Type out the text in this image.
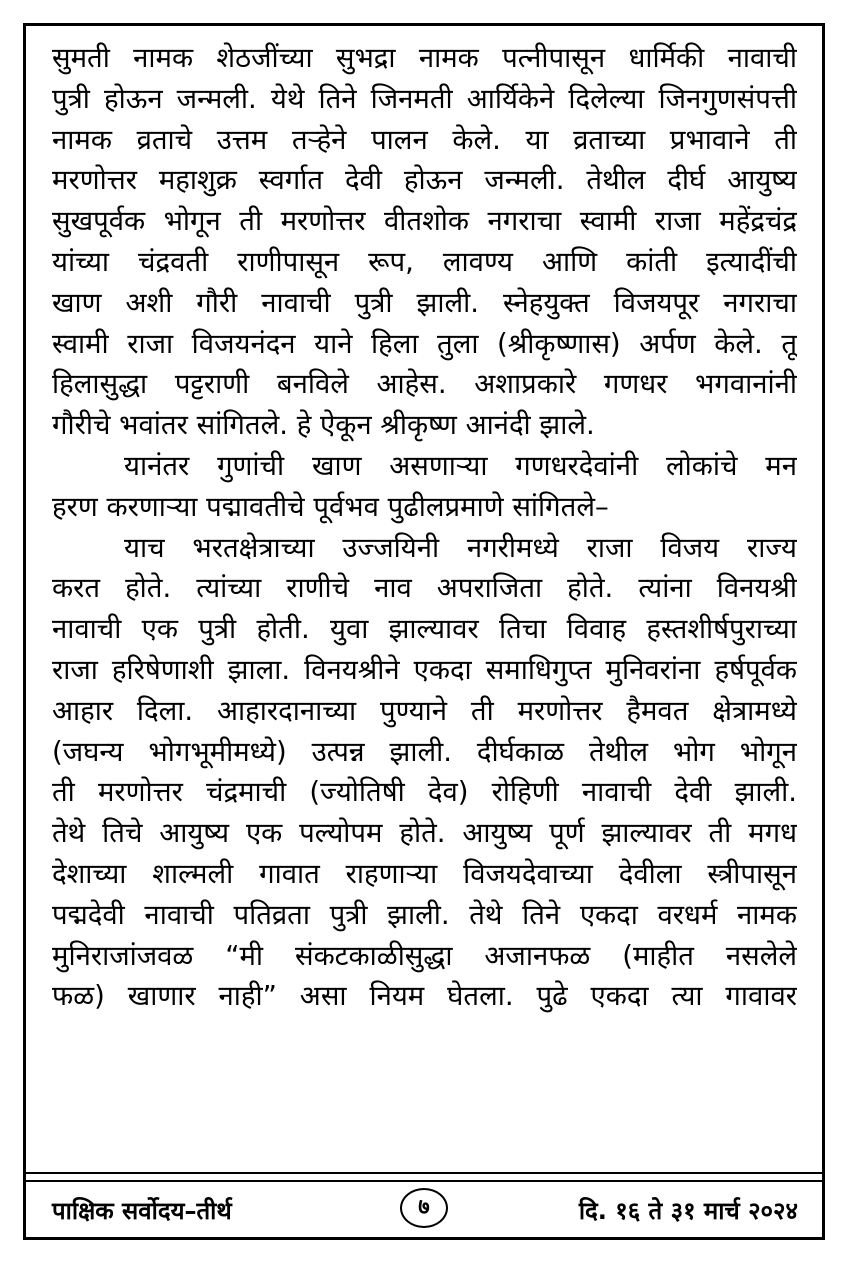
सुमती नामक शेठजींच्या सुभद्रा नामक पत्नीपासून धार्मिकी नावाची
पुत्री होऊन जन्मली. येथे तिने जिनमती आर्यिकेने दिलेल्या जिनगुणसंपत्ती
नामक व्रताचे उत्तम तऱ्हेने पालन केले. या व्रताच्या प्रभावाने ती
मरणोत्तर महाशुक्र स्वर्गात देवी होऊन जन्मली. तेथील दीर्घ आयुष्य
सुखपूर्वक भोगून ती मरणोत्तर वीतशोक नगराचा स्वामी राजा महेंद्रचंद्र
यांच्या चंद्रवती राणीपासून रूप, लावण्य आणि कांती इत्यादींची
खाण अशी गौरी नावाची पुत्री झाली. स्नेहयुक्त विजयपूर नगराचा
स्वामी राजा विजयनंदन याने हिला तुला (श्रीकृष्णास) अर्पण केले. तू
हिलासुद्धा पट्टराणी बनविले आहेस. अशाप्रकारे गणधर भगवानांनी
गौरीचे भवांतर सांगितले. हे ऐकून श्रीकृष्ण आनंदी झाले.
यानंतर गुणांची खाण असणाऱ्या गणधरदेवांनी लोकांचे मन
हरण करणाऱ्या पद्मावतीचे पूर्वभव पुढीलप्रमाणे सांगितले–
याच भरतक्षेत्राच्या उज्जयिनी नगरीमध्ये राजा विजय राज्य
करत होते. त्यांच्या राणीचे नाव अपराजिता होते. त्यांना विनयश्री
नावाची एक पुत्री होती. युवा झाल्यावर तिचा विवाह हस्तशीर्षपुराच्या
राजा हरिषेणाशी झाला. विनयश्रीने एकदा समाधिगुप्त मुनिवरांना हर्षपूर्वक
आहार दिला. आहारदानाच्या पुण्याने ती मरणोत्तर हैमवत क्षेत्रामध्ये
(जघन्य भोगभूमीमध्ये) उत्पन्न झाली. दीर्घकाळ तेथील भोग भोगून
ती मरणोत्तर चंद्रमाची (ज्योतिषी देव) रोहिणी नावाची देवी झाली.
तेथे तिचे आयुष्य एक पल्योपम होते. आयुष्य पूर्ण झाल्यावर ती मगध
देशाच्या शाल्मली गावात राहणाऱ्या विजयदेवाच्या देवीला स्त्रीपासून
पद्मदेवी नावाची पतिव्रता पुत्री झाली. तेथे तिने एकदा वरधर्म नामक
मुनिराजांजवळ “मी संकटकाळीसुद्धा अजानफळ (माहीत नसलेले
फळ) खाणार नाही” असा नियम घेतला. पुढे एकदा त्या गावावर
पाक्षिक सर्वोदय–तीर्थ	७	दि. १६ ते ३१ मार्च २०२४
